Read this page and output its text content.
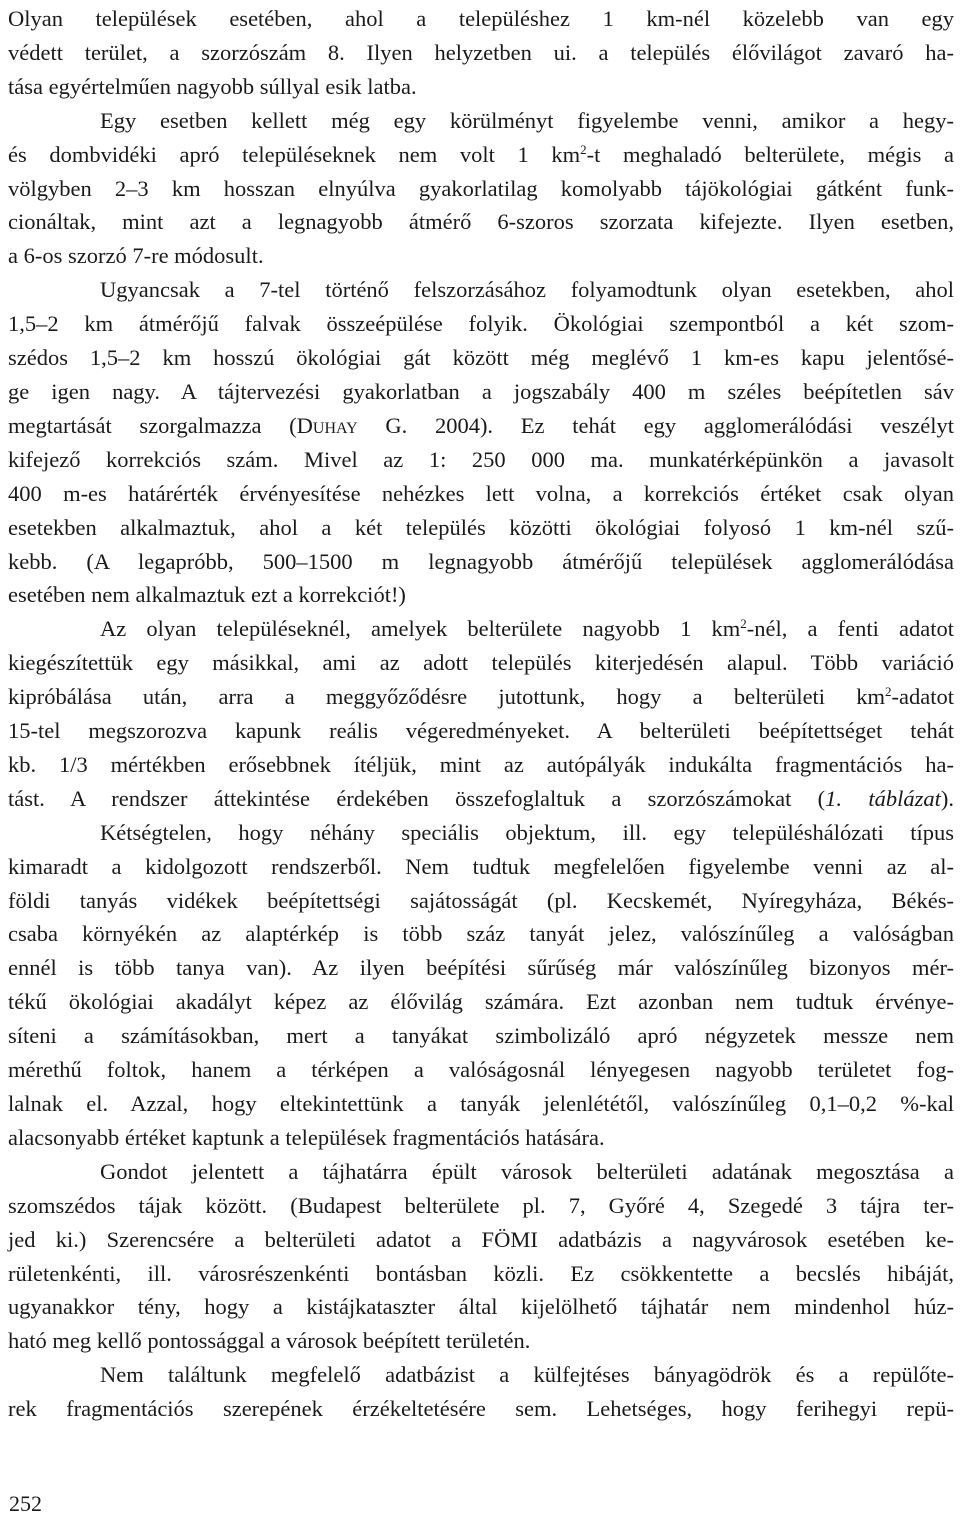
Olyan települések esetében, ahol a településhez 1 km-nél közelebb van egy
védett terület, a szorzószám 8. Ilyen helyzetben ui. a település élővilágot zavaró ha-
tása egyértelműen nagyobb súllyal esik latba.

Egy esetben kellett még egy körülményt figyelembe venni, amikor a hegy-
és dombvidéki apró településeknek nem volt 1 $km^2-t$ meghaladó belterülete, mégis a
völgyben 2–3 km hosszan elnyúlva gyakorlatilag komolyabb tájökológiai gátként funk-
cionáltak, mint azt a legnagyobb átmérő 6-szoros szorzata kifejezte. Ilyen esetben,
a 6-os szorzó 7-re módosult.

Ugyancsak a 7-tel történő felszorzásához folyamodtunk olyan esetekben, ahol
1,5–2 km átmérőjű falvak összeépülése folyik. Ökológiai szempontból a két szom-
szédos 1,5–2 km hosszú ökológiai gát között még meglévő 1 km-es kapu jelentősé-
ge igen nagy. A tájtervezési gyakorlatban a jogszabály 400 m széles beépítetlen sáv
megtartását szorgalmazza (Duhay G. 2004). Ez tehát egy agglomerálódási veszélyt
kifejező korrekciós szám. Mivel az 1: 250 000 ma. munkatérképünkön a javasolt
400 m-es határérték érvényesítése nehézkes lett volna, a korrekciós értéket csak olyan
esetekben alkalmaztuk, ahol a két település közötti ökológiai folyosó 1 km-nél szű-
kebb. (A legapróbb, 500–1500 m legnagyobb átmérőjű települések agglomerálódása
esetében nem alkalmaztuk ezt a korrekciót!)

Az olyan településeknél, amelyek belterülete nagyobb 1 $km^2$-nél, a fenti adatot
kiegészítettük egy másikkal, ami az adott település kiterjedésén alapul. Több variáció
kipróbálása után, arra a meggyőződésre jutottunk, hogy a belterületi $km^2$-adatot
15-tel megszorozva kapunk reális végeredményeket. A belterületi beépítettséget tehát
kb. 1/3 mértékben erősebbnek ítéljük, mint az autópályák indukálta fragmentációs ha-
tást. A rendszer áttekintése érdekében összefoglaltuk a szorzószámokat (1. táblázat).

Kétségtelen, hogy néhány speciális objektum, ill. egy településhálózati típus
kimaradt a kidolgozott rendszerből. Nem tudtuk megfelelően figyelembe venni az al-
földi tanyás vidékek beépítettségi sajátosságát (pl. Kecskemét, Nyíregyháza, Békés-
csaba környékén az alaptérkép is több száz tanyát jelez, valószínűleg a valóságban
ennél is több tanya van). Az ilyen beépítési sűrűség már valószínűleg bizonyos mér-
tékű ökológiai akadályt képez az élővilág számára. Ezt azonban nem tudtuk érvénye-
síteni a számításokban, mert a tanyákat szimbolizáló apró négyzetek messze nem
mérethű foltok, hanem a térképen a valóságosnál lényegesen nagyobb területet fog-
lalnak el. Azzal, hogy eltekintettünk a tanyák jelenlététől, valószínűleg 0,1–0,2 %-kal
alacsonyabb értéket kaptunk a települések fragmentációs hatására.

Gondot jelentett a tájhatárra épült városok belterületi adatának megosztása a
szomszédos tájak között. (Budapest belterülete pl. 7, Győré 4, Szegedé 3 tájra ter-
jed ki.) Szerencsére a belterületi adatot a FÖMI adatbázis a nagyvárosok esetében ke-
rületenkénti, ill. városrészenkénti bontásban közli. Ez csökkentette a becslés hibáját,
ugyanakkor tény, hogy a kistájkataszter által kijelölhető tájhatár nem mindenhol húz-
ható meg kellő pontossággal a városok beépített területén.

Nem találtunk megfelelő adatbázist a külfejtéses bányagödrök és a repülőte-
rek fragmentációs szerepének érzékeltetésére sem. Lehetséges, hogy ferihegyi repü-

252
